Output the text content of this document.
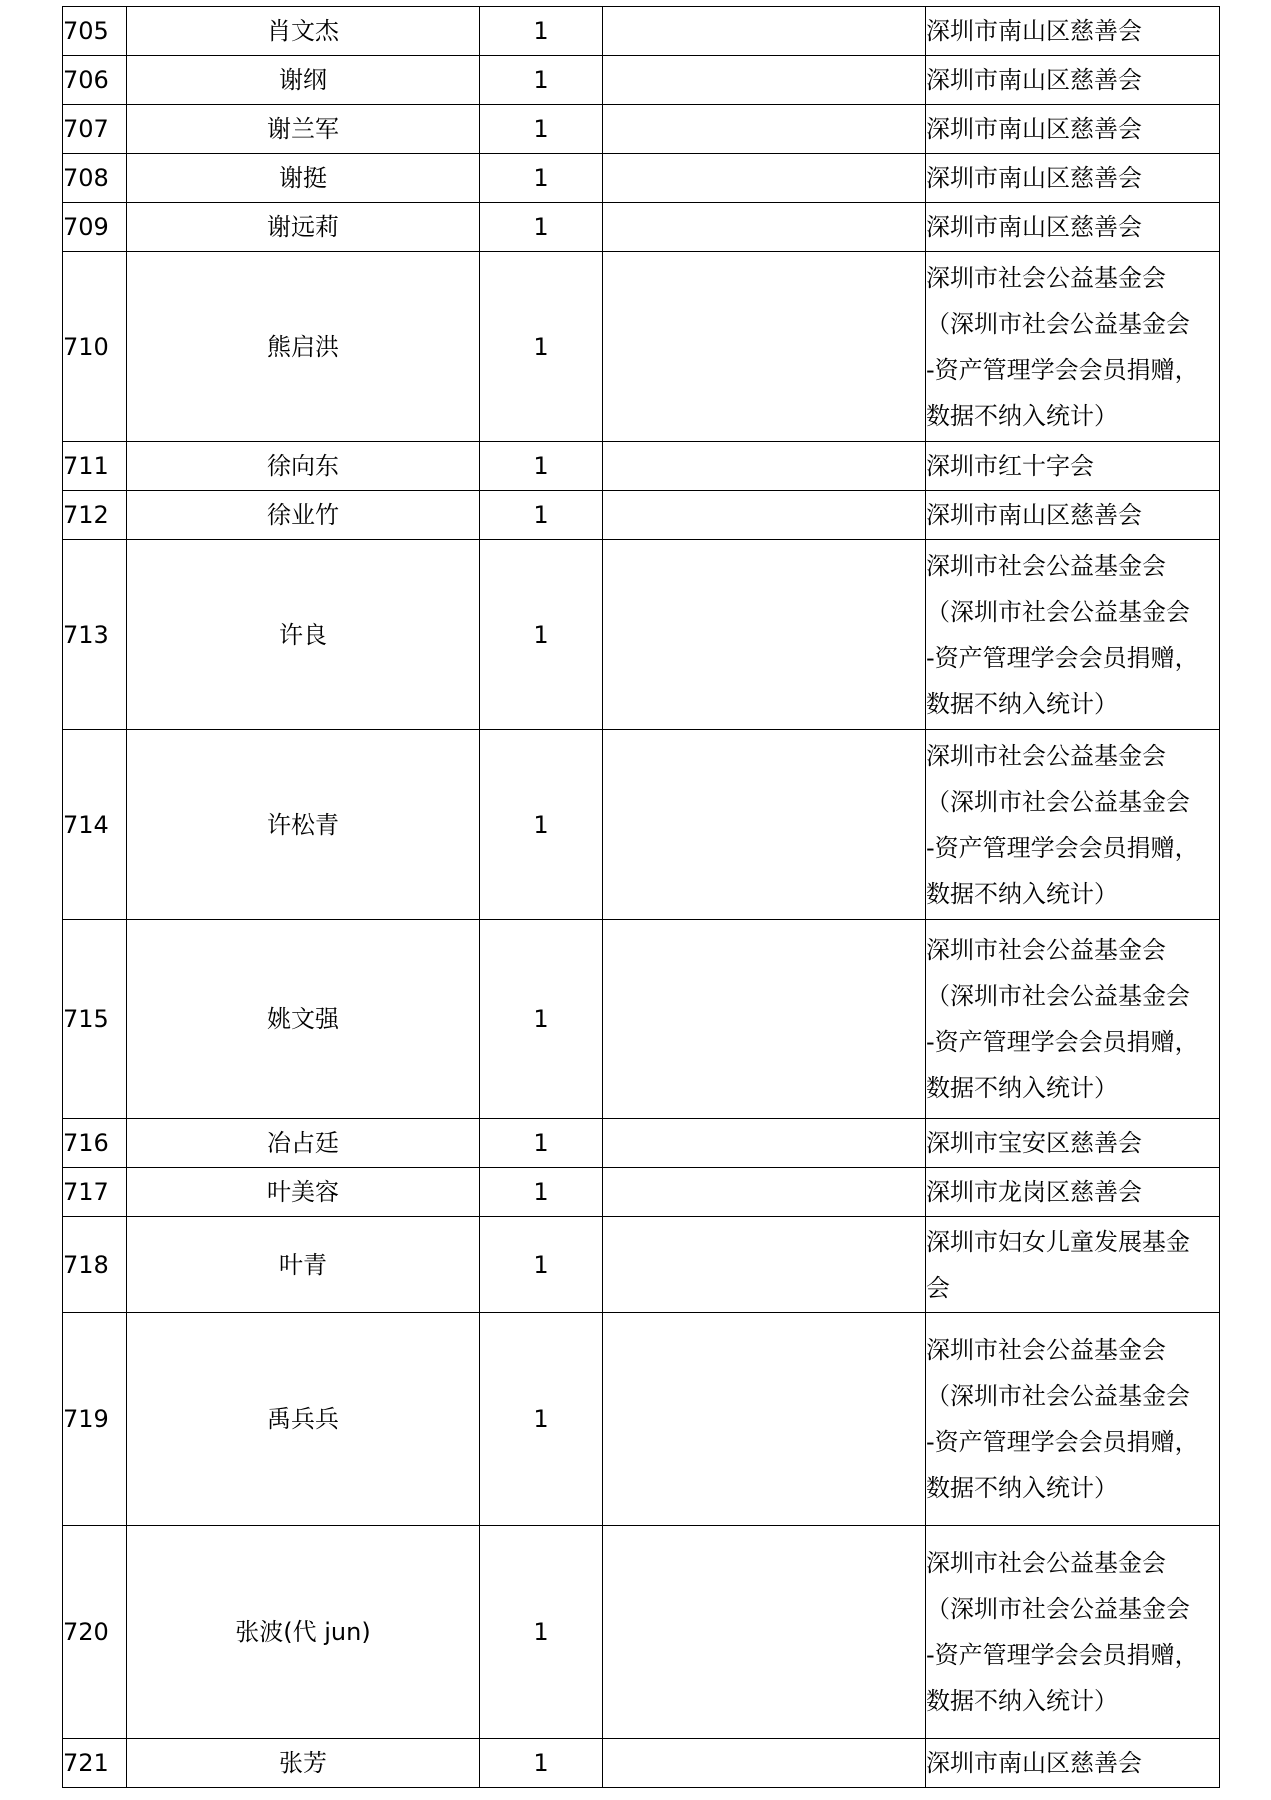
705	肖文杰	1		深圳市南山区慈善会
706	谢纲	1		深圳市南山区慈善会
707	谢兰军	1		深圳市南山区慈善会
708	谢挺	1		深圳市南山区慈善会
709	谢远莉	1		深圳市南山区慈善会
710	熊启洪	1		深圳市社会公益基金会
（深圳市社会公益基金会
-资产管理学会会员捐赠，
数据不纳入统计）
711	徐向东	1		深圳市红十字会
712	徐业竹	1		深圳市南山区慈善会
713	许良	1		深圳市社会公益基金会
（深圳市社会公益基金会
-资产管理学会会员捐赠，
数据不纳入统计）
714	许松青	1		深圳市社会公益基金会
（深圳市社会公益基金会
-资产管理学会会员捐赠，
数据不纳入统计）
715	姚文强	1		深圳市社会公益基金会
（深圳市社会公益基金会
-资产管理学会会员捐赠，
数据不纳入统计）
716	冶占廷	1		深圳市宝安区慈善会
717	叶美容	1		深圳市龙岗区慈善会
718	叶青	1		深圳市妇女儿童发展基金
会
719	禹兵兵	1		深圳市社会公益基金会
（深圳市社会公益基金会
-资产管理学会会员捐赠，
数据不纳入统计）
720	张波(代 jun)	1		深圳市社会公益基金会
（深圳市社会公益基金会
-资产管理学会会员捐赠，
数据不纳入统计）
721	张芳	1		深圳市南山区慈善会
